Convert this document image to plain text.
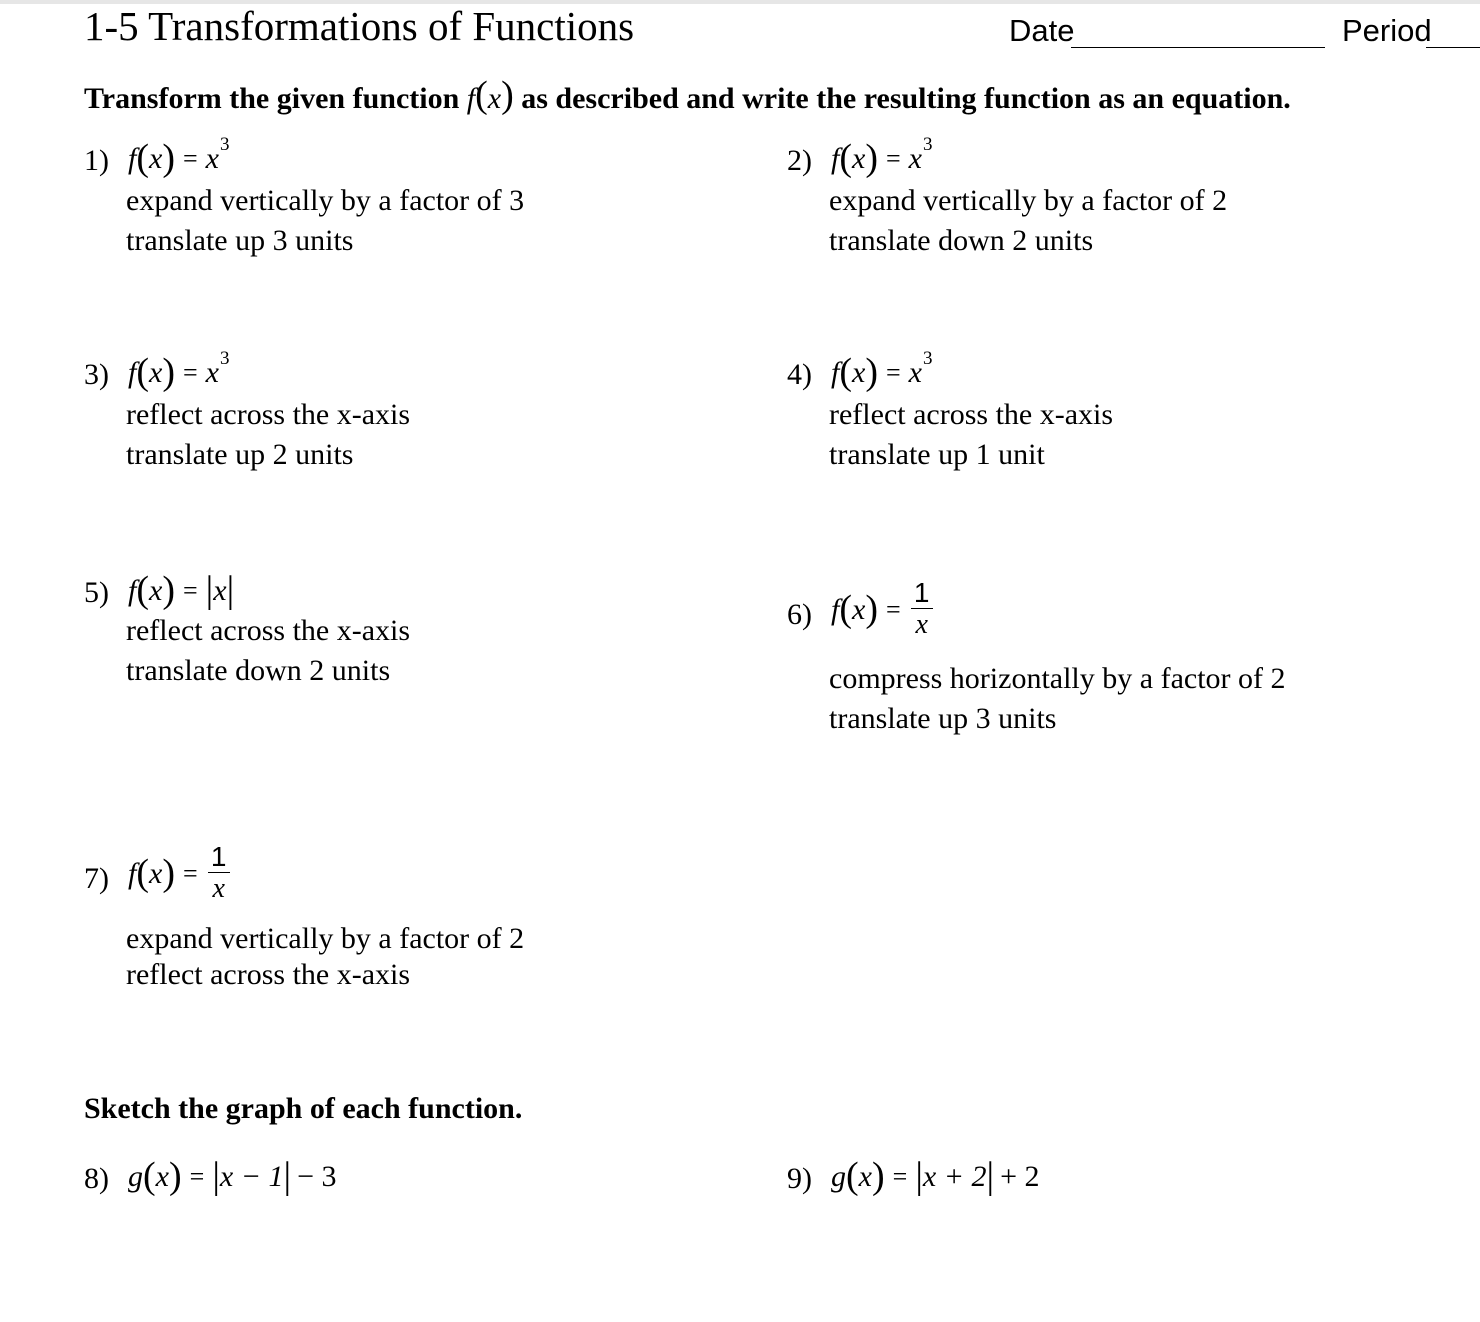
1-5 Transformations of Functions	Date	Period
Transform the given function f(x) as described and write the resulting function as an equation.
1) f ( x ) = x 3
expand vertically by a factor of 3
translate up 3 units
2) f ( x ) = x 3
expand vertically by a factor of 2
translate down 2 units
3) f ( x ) = x 3
reflect across the x-axis
translate up 2 units
4) f ( x ) = x 3
reflect across the x-axis
translate up 1 unit
5) f ( x ) = | x |
reflect across the x-axis
translate down 2 units
6) f ( x ) = $\frac{1}{x}$
compress horizontally by a factor of 2
translate up 3 units
7) f ( x ) = $\frac{1}{x}$
expand vertically by a factor of 2
reflect across the x-axis
Sketch the graph of each function.
8) g ( x ) = | x − 1 | − 3	9) g ( x ) = | x + 2 | + 2
